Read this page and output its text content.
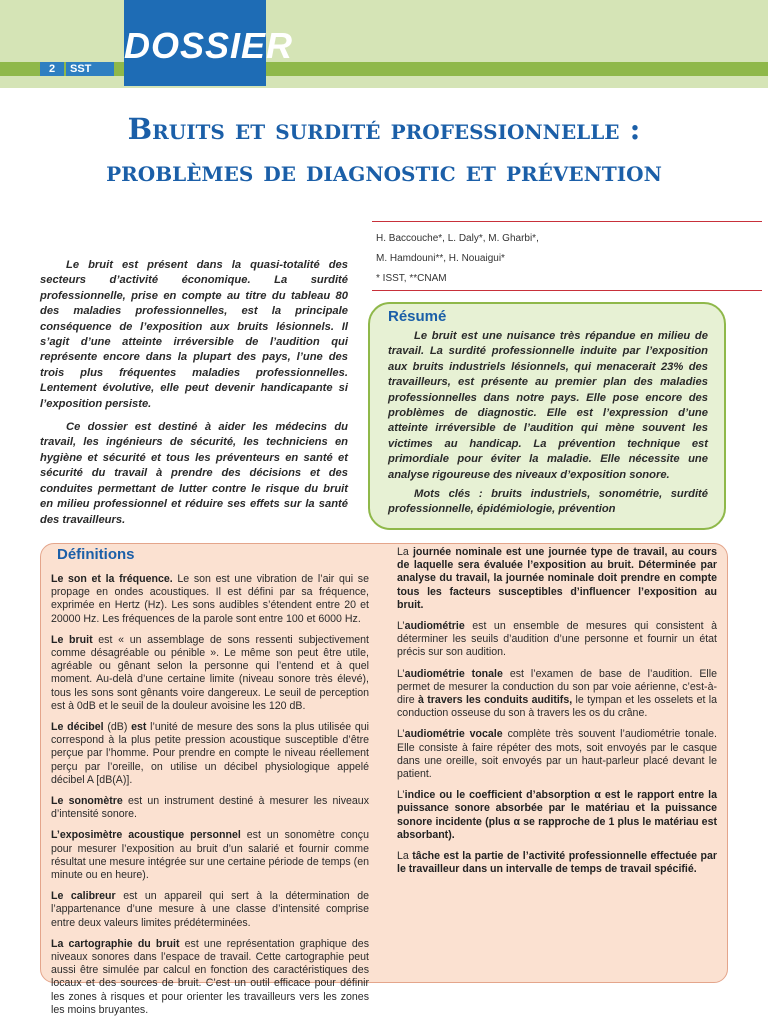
2	SST
DOSSIER
Bruits et surdité professionnelle :
problèmes de diagnostic et prévention
H. Baccouche*, L. Daly*, M. Gharbi*,
M. Hamdouni**, H. Nouaigui*
* ISST, **CNAM

Le bruit est présent dans la quasi-totalité des secteurs d’activité économique. La surdité professionnelle, prise en compte au titre du tableau 80 des maladies professionnelles, est la principale conséquence de l’exposition aux bruits lésionnels. Il s’agit d’une atteinte irréversible de l’audition qui représente encore dans la plupart des pays, l’une des trois plus fréquentes maladies professionnelles. Lentement évolutive, elle peut devenir handicapante si l’exposition persiste.

Ce dossier est destiné à aider les médecins du travail, les ingénieurs de sécurité, les techniciens en hygiène et sécurité et tous les préventeurs en santé et sécurité du travail à prendre des décisions et des conduites permettant de lutter contre le risque du bruit en milieu professionnel et réduire ses effets sur la santé des travailleurs.

Résumé

Le bruit est une nuisance très répandue en milieu de travail. La surdité professionnelle induite par l’exposition aux bruits industriels lésionnels, qui menacerait 23% des travailleurs, est présente au premier plan des maladies professionnelles dans notre pays. Elle pose encore des problèmes de diagnostic. Elle est l’expression d’une atteinte irréversible de l’audition qui mène souvent les victimes au handicap. La prévention technique est primordiale pour éviter la maladie. Elle nécessite une analyse rigoureuse des niveaux d’exposition sonore.

Mots clés : bruits industriels, sonométrie, surdité professionnelle, épidémiologie, prévention

Définitions

Le son et la fréquence. Le son est une vibration de l’air qui se propage en ondes acoustiques. Il est défini par sa fréquence, exprimée en Hertz (Hz). Les sons audibles s’étendent entre 20 et 20000 Hz. Les fréquences de la parole sont entre 100 et 6000 Hz.

Le bruit est « un assemblage de sons ressenti subjectivement comme désagréable ou pénible ». Le même son peut être utile, agréable ou gênant selon la personne qui l’entend et à quel moment. Au-delà d’une certaine limite (niveau sonore très élevé), tous les sons sont gênants voire dangereux. Le seuil de perception est à 0dB et le seuil de la douleur avoisine les 120 dB.

Le décibel (dB) est l’unité de mesure des sons la plus utilisée qui correspond à la plus petite pression acoustique susceptible d’être perçue par l’homme. Pour prendre en compte le niveau réellement perçu par l’oreille, on utilise un décibel physiologique appelé décibel A [dB(A)].

Le sonomètre est un instrument destiné à mesurer les niveaux d’intensité sonore.

L’exposimètre acoustique personnel est un sonomètre conçu pour mesurer l’exposition au bruit d’un salarié et fournir comme résultat une mesure intégrée sur une certaine période de temps (en minute ou en heure).

Le calibreur est un appareil qui sert à la détermination de l’appartenance d’une mesure à une classe d’intensité comprise entre deux valeurs limites prédéterminées.

La cartographie du bruit est une représentation graphique des niveaux sonores dans l’espace de travail. Cette cartographie peut aussi être simulée par calcul en fonction des caractéristiques des locaux et des sources de bruit. C’est un outil efficace pour définir les zones à risques et pour orienter les travailleurs vers les zones les moins bruyantes.

La journée nominale est une journée type de travail, au cours de laquelle sera évaluée l’exposition au bruit. Déterminée par analyse du travail, la journée nominale doit prendre en compte tous les facteurs susceptibles d’influencer l’exposition au bruit.

L’audiométrie est un ensemble de mesures qui consistent à déterminer les seuils d’audition d’une personne et fournir un état précis sur son audition.

L’audiométrie tonale est l’examen de base de l’audition. Elle permet de mesurer la conduction du son par voie aérienne, c’est-à-dire à travers les conduits auditifs, le tympan et les osselets et la conduction osseuse du son à travers les os du crâne.

L’audiométrie vocale complète très souvent l’audiométrie tonale. Elle consiste à faire répéter des mots, soit envoyés par le casque dans une oreille, soit envoyés par un haut-parleur placé devant le patient.

L’indice ou le coefficient d’absorption α est le rapport entre la puissance sonore absorbée par le matériau et la puissance sonore incidente (plus α se rapproche de 1 plus le matériau est absorbant).

La tâche est la partie de l’activité professionnelle effectuée par le travailleur dans un intervalle de temps de travail spécifié.
